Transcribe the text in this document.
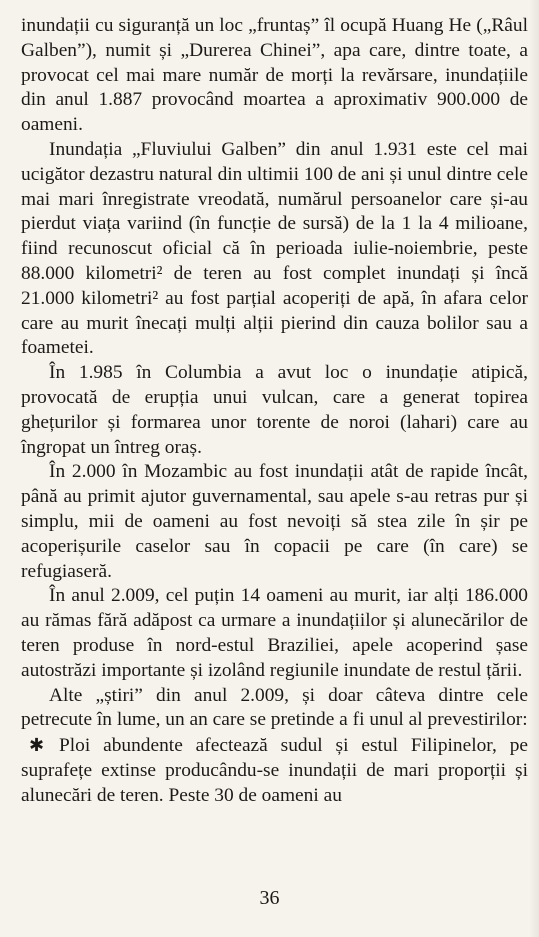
inundații cu siguranță un loc „fruntaș” îl ocupă Huang He („Râul Galben”), numit și „Durerea Chinei”, apa care, dintre toate, a provocat cel mai mare număr de morți la revărsare, inundațiile din anul 1.887 provocând moartea a aproximativ 900.000 de oameni.

Inundația „Fluviului Galben” din anul 1.931 este cel mai ucigător dezastru natural din ultimii 100 de ani și unul dintre cele mai mari înregistrate vreodată, numărul persoanelor care și-au pierdut viața variind (în funcție de sursă) de la 1 la 4 milioane, fiind recunoscut oficial că în perioada iulie-noiembrie, peste 88.000 kilometri² de teren au fost complet inundați și încă 21.000 kilometri² au fost parțial acoperiți de apă, în afara celor care au murit înecați mulți alții pierind din cauza bolilor sau a foametei.

În 1.985 în Columbia a avut loc o inundație atipică, provocată de erupția unui vulcan, care a generat topirea ghețurilor și formarea unor torente de noroi (lahari) care au îngropat un întreg oraș.

În 2.000 în Mozambic au fost inundații atât de rapide încât, până au primit ajutor guvernamental, sau apele s-au retras pur și simplu, mii de oameni au fost nevoiți să stea zile în șir pe acoperișurile caselor sau în copacii pe care (în care) se refugiaseră.

În anul 2.009, cel puțin 14 oameni au murit, iar alți 186.000 au rămas fără adăpost ca urmare a inundațiilor și alunecărilor de teren produse în nord-estul Braziliei, apele acoperind șase autostrăzi importante și izolând regiunile inundate de restul țării.

Alte „știri” din anul 2.009, și doar câteva dintre cele petrecute în lume, un an care se pretinde a fi unul al prevestirilor:

✱ Ploi abundente afectează sudul și estul Filipinelor, pe suprafețe extinse producându-se inundații de mari proporții și alunecări de teren. Peste 30 de oameni au

36
